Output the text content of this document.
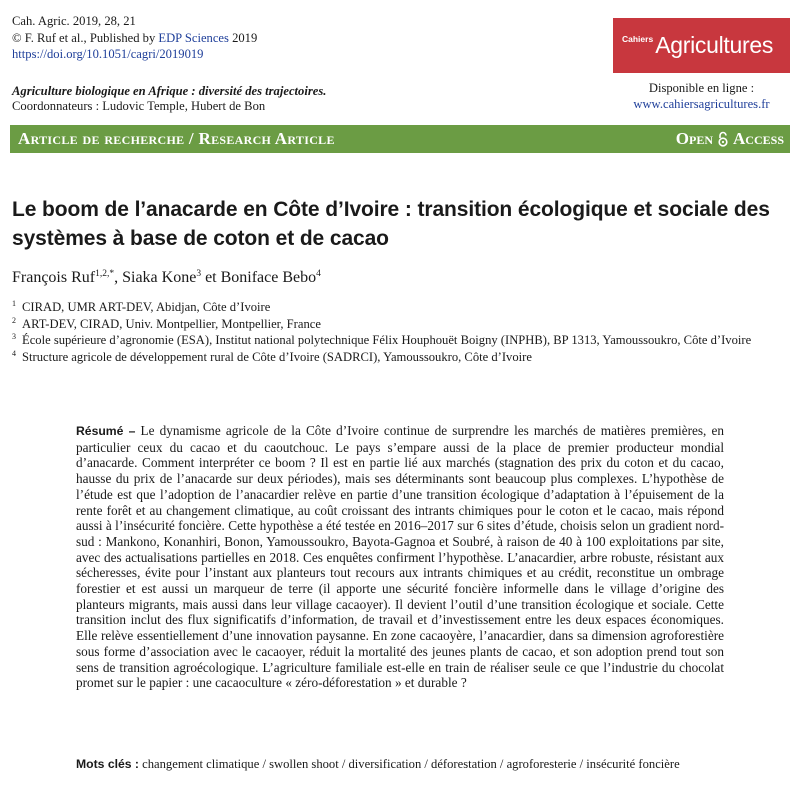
Cah. Agric. 2019, 28, 21
© F. Ruf et al., Published by EDP Sciences 2019
https://doi.org/10.1051/cagri/2019019
Agriculture biologique en Afrique : diversité des trajectoires.
Coordonnateurs : Ludovic Temple, Hubert de Bon
Cahiers Agricultures
Disponible en ligne :
www.cahiersagricultures.fr
Article de recherche / Research Article	Open Access
Le boom de l’anacarde en Côte d’Ivoire : transition écologique et sociale des systèmes à base de coton et de cacao
François Ruf$^{1,2,*}$, Siaka Kone$^3$ et Boniface Bebo$^4$
1 CIRAD, UMR ART-DEV, Abidjan, Côte d’Ivoire
2 ART-DEV, CIRAD, Univ. Montpellier, Montpellier, France
3 École supérieure d’agronomie (ESA), Institut national polytechnique Félix Houphouët Boigny (INPHB), BP 1313, Yamoussoukro, Côte d’Ivoire
4 Structure agricole de développement rural de Côte d’Ivoire (SADRCI), Yamoussoukro, Côte d’Ivoire
Résumé – Le dynamisme agricole de la Côte d’Ivoire continue de surprendre les marchés de matières premières, en particulier ceux du cacao et du caoutchouc. Le pays s’empare aussi de la place de premier producteur mondial d’anacarde. Comment interpréter ce boom ? Il est en partie lié aux marchés (stagnation des prix du coton et du cacao, hausse du prix de l’anacarde sur deux périodes), mais ses déterminants sont beaucoup plus complexes. L’hypothèse de l’étude est que l’adoption de l’anacardier relève en partie d’une transition écologique d’adaptation à l’épuisement de la rente forêt et au changement climatique, au coût croissant des intrants chimiques pour le coton et le cacao, mais répond aussi à l’insécurité foncière. Cette hypothèse a été testée en 2016–2017 sur 6 sites d’étude, choisis selon un gradient nord-sud : Mankono, Konanhiri, Bonon, Yamoussoukro, Bayota-Gagnoa et Soubré, à raison de 40 à 100 exploitations par site, avec des actualisations partielles en 2018. Ces enquêtes confirment l’hypothèse. L’anacardier, arbre robuste, résistant aux sécheresses, évite pour l’instant aux planteurs tout recours aux intrants chimiques et au crédit, reconstitue un ombrage forestier et est aussi un marqueur de terre (il apporte une sécurité foncière informelle dans le village d’origine des planteurs migrants, mais aussi dans leur village cacaoyer). Il devient l’outil d’une transition écologique et sociale. Cette transition inclut des flux significatifs d’information, de travail et d’investissement entre les deux espaces économiques. Elle relève essentiellement d’une innovation paysanne. En zone cacaoyère, l’anacardier, dans sa dimension agroforestière sous forme d’association avec le cacaoyer, réduit la mortalité des jeunes plants de cacao, et son adoption prend tout son sens de transition agroécologique. L’agriculture familiale est-elle en train de réaliser seule ce que l’industrie du chocolat promet sur le papier : une cacaoculture « zéro-déforestation » et durable ?
Mots clés : changement climatique / swollen shoot / diversification / déforestation / agroforesterie / insécurité foncière
